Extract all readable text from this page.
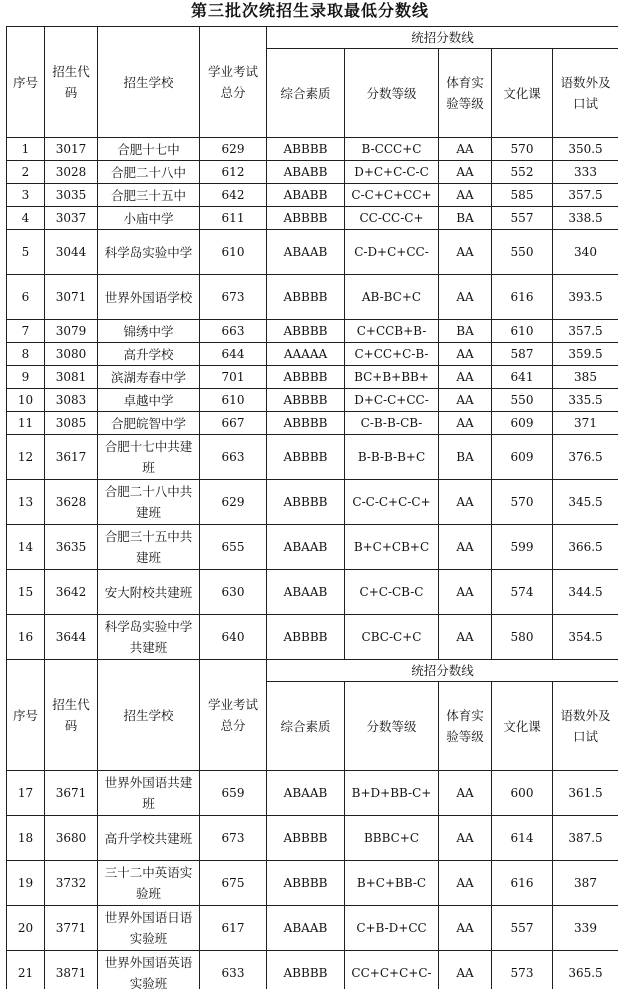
第三批次统招生录取最低分数线
序号	招生代码	招生学校	学业考试总分	统招分数线				
				综合素质	分数等级	体育实验等级	文化课	语数外及口试
1	3017	合肥十七中	629	ABBBB	B-CCC+C	AA	570	350.5
2	3028	合肥二十八中	612	ABABB	D+C+C-C-C	AA	552	333
3	3035	合肥三十五中	642	ABABB	C-C+C+CC+	AA	585	357.5
4	3037	小庙中学	611	ABBBB	CC-CC-C+	BA	557	338.5
5	3044	科学岛实验中学	610	ABAAB	C-D+C+CC-	AA	550	340
6	3071	世界外国语学校	673	ABBBB	AB-BC+C	AA	616	393.5
7	3079	锦绣中学	663	ABBBB	C+CCB+B-	BA	610	357.5
8	3080	高升学校	644	AAAAA	C+CC+C-B-	AA	587	359.5
9	3081	滨湖寿春中学	701	ABBBB	BC+B+BB+	AA	641	385
10	3083	卓越中学	610	ABBBB	D+C-C+CC-	AA	550	335.5
11	3085	合肥皖智中学	667	ABBBB	C-B-B-CB-	AA	609	371
12	3617	合肥十七中共建班	663	ABBBB	B-B-B-B+C	BA	609	376.5
13	3628	合肥二十八中共建班	629	ABBBB	C-C-C+C-C+	AA	570	345.5
14	3635	合肥三十五中共建班	655	ABAAB	B+C+CB+C	AA	599	366.5
15	3642	安大附校共建班	630	ABAAB	C+C-CB-C	AA	574	344.5
16	3644	科学岛实验中学共建班	640	ABBBB	CBC-C+C	AA	580	354.5
序号	招生代码	招生学校	学业考试总分	统招分数线				
				综合素质	分数等级	体育实验等级	文化课	语数外及口试
17	3671	世界外国语共建班	659	ABAAB	B+D+BB-C+	AA	600	361.5
18	3680	高升学校共建班	673	ABBBB	BBBC+C	AA	614	387.5
19	3732	三十二中英语实验班	675	ABBBB	B+C+BB-C	AA	616	387
20	3771	世界外国语日语实验班	617	ABAAB	C+B-D+CC	AA	557	339
21	3871	世界外国语英语实验班	633	ABBBB	CC+C+C+C-	AA	573	365.5
